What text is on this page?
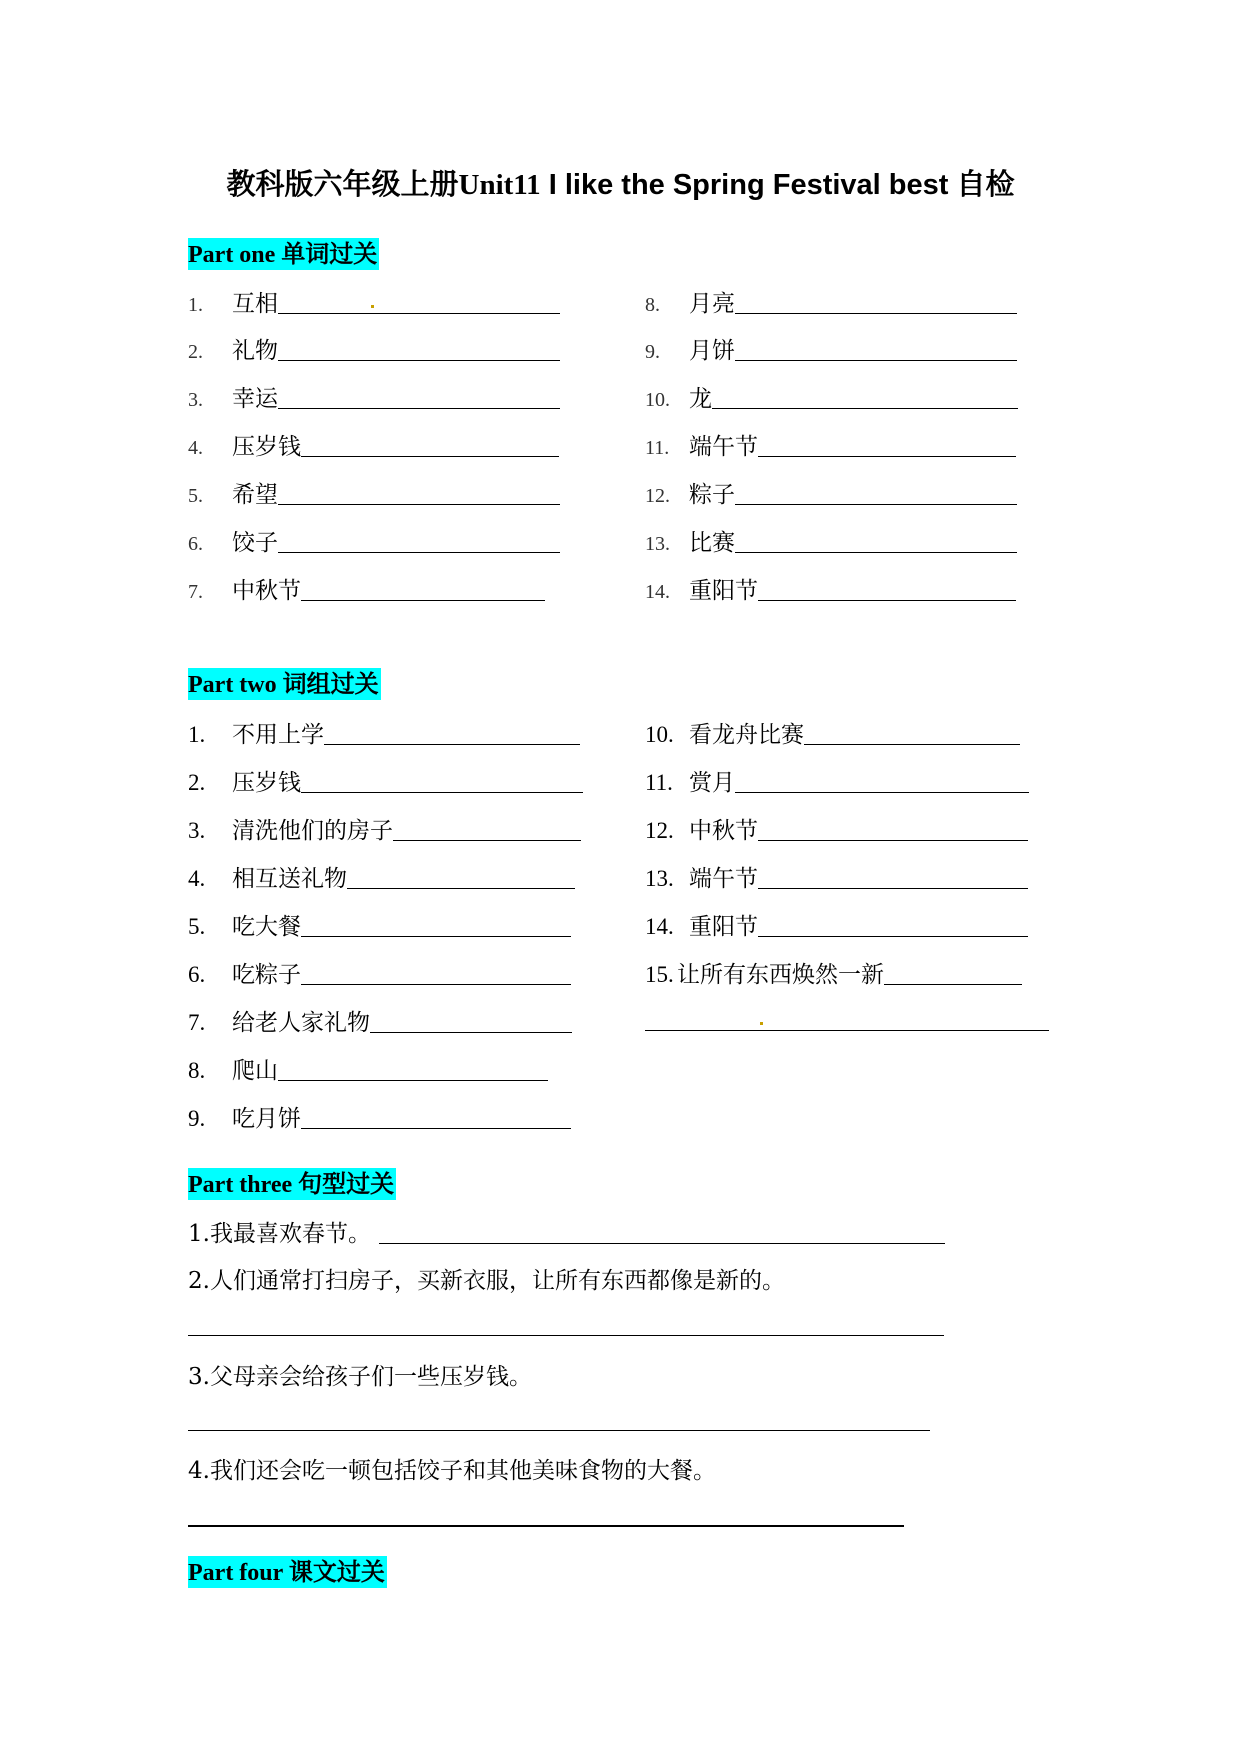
教科版六年级上册Unit11 I like the Spring Festival best 自检
Part one 单词过关
1.	互相
2.	礼物
3.	幸运
4.	压岁钱
5.	希望
6.	饺子
7.	中秋节
8.	月亮
9.	月饼
10. 龙
11. 端午节
12. 粽子
13. 比赛
14. 重阳节
Part two 词组过关
1.	不用上学
2.	压岁钱
3.	清洗他们的房子
4.	相互送礼物
5.	吃大餐
6.	吃粽子
7.	给老人家礼物
8.	爬山
9.	吃月饼
10. 看龙舟比赛
11. 赏月
12. 中秋节
13. 端午节
14. 重阳节
15. 让所有东西焕然一新
Part three 句型过关
1.我最喜欢春节。
2.人们通常打扫房子，买新衣服，让所有东西都像是新的。
3.父母亲会给孩子们一些压岁钱。
4.我们还会吃一顿包括饺子和其他美味食物的大餐。
Part four 课文过关
